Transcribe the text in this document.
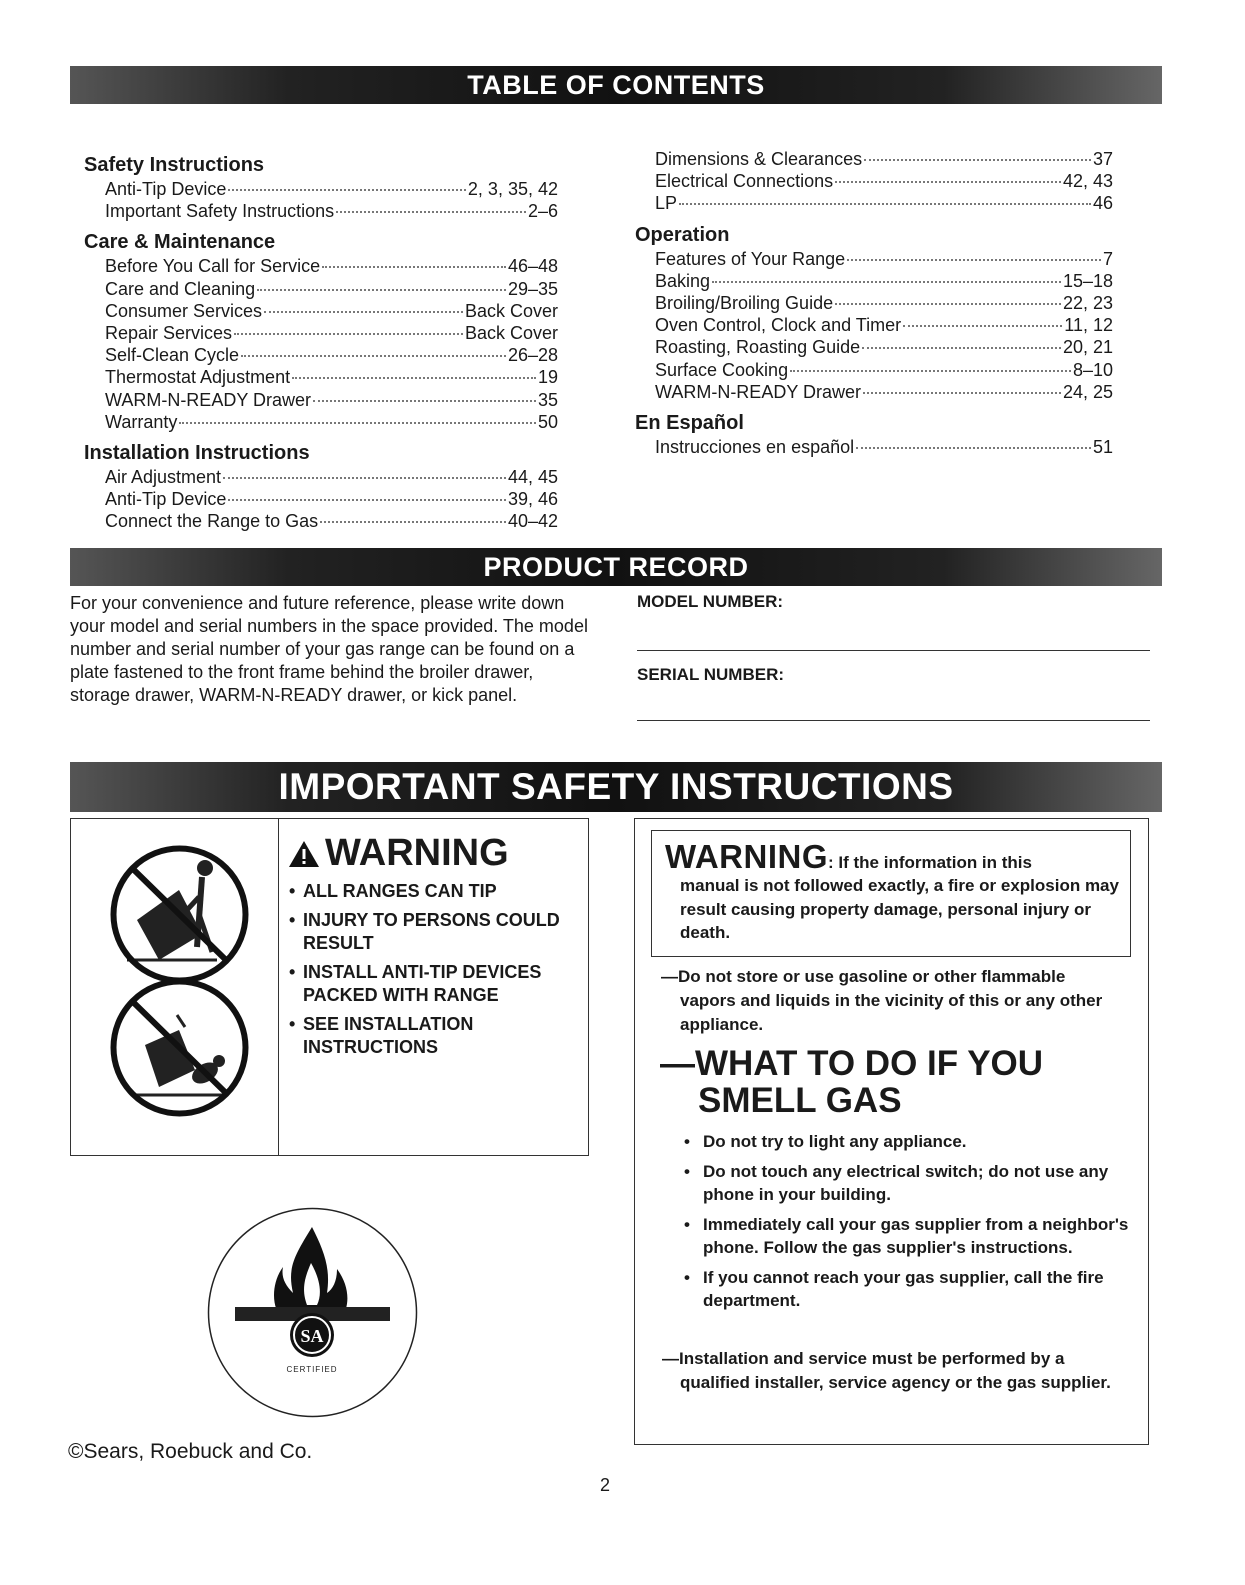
TABLE OF CONTENTS
Safety Instructions
Anti-Tip Device	2, 3, 35, 42
Important Safety Instructions	2–6
Care & Maintenance
Before You Call for Service	46–48
Care and Cleaning	29–35
Consumer Services	Back Cover
Repair Services	Back Cover
Self-Clean Cycle	26–28
Thermostat Adjustment	19
WARM-N-READY Drawer	35
Warranty	50
Installation Instructions
Air Adjustment	44, 45
Anti-Tip Device	39, 46
Connect the Range to Gas	40–42
Dimensions & Clearances	37
Electrical Connections	42, 43
LP	46
Operation
Features of Your Range	7
Baking	15–18
Broiling/Broiling Guide	22, 23
Oven Control, Clock and Timer	11, 12
Roasting, Roasting Guide	20, 21
Surface Cooking	8–10
WARM-N-READY Drawer	24, 25
En Español
Instrucciones en español	51
PRODUCT RECORD
For your convenience and future reference, please write down your model and serial numbers in the space provided. The model number and serial number of your gas range can be found on a plate fastened to the front frame behind the broiler drawer, storage drawer, WARM-N-READY drawer, or kick panel.
MODEL NUMBER:
SERIAL NUMBER:
IMPORTANT SAFETY INSTRUCTIONS
WARNING
• ALL RANGES CAN TIP
• INJURY TO PERSONS COULD RESULT
• INSTALL ANTI-TIP DEVICES PACKED WITH RANGE
• SEE INSTALLATION INSTRUCTIONS
SA
CERTIFIED
©Sears, Roebuck and Co.
2
WARNING: If the information in this
manual is not followed exactly, a fire or explosion may result causing property damage, personal injury or death.
—Do not store or use gasoline or other flammable vapors and liquids in the vicinity of this or any other appliance.
—WHAT TO DO IF YOU SMELL GAS
• Do not try to light any appliance.
• Do not touch any electrical switch; do not use any phone in your building.
• Immediately call your gas supplier from a neighbor's phone. Follow the gas supplier's instructions.
• If you cannot reach your gas supplier, call the fire department.
—Installation and service must be performed by a qualified installer, service agency or the gas supplier.
